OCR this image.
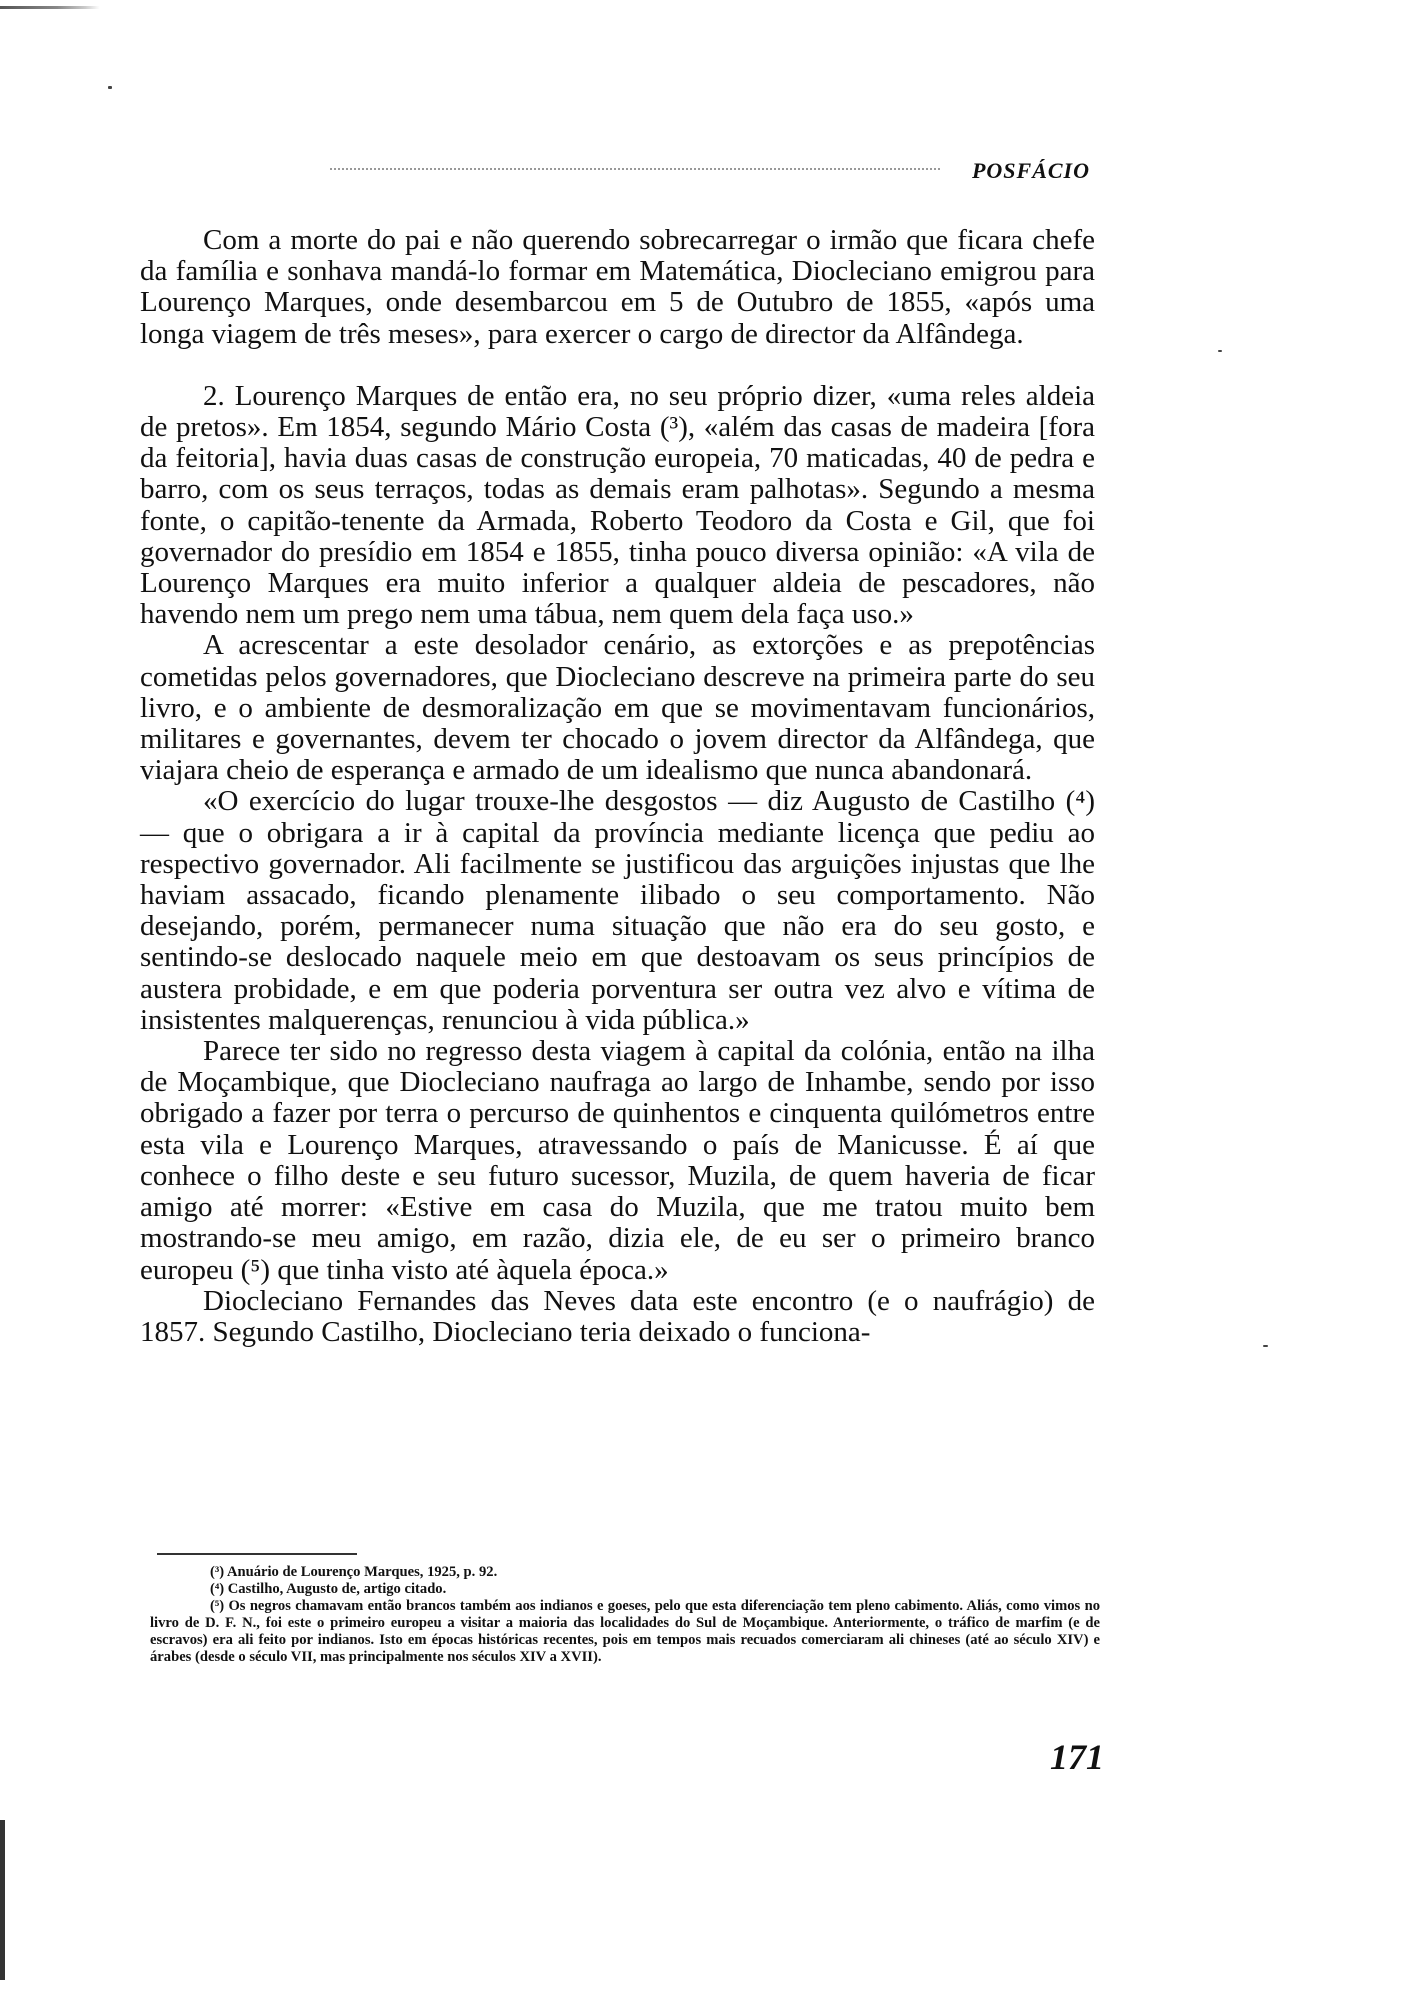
POSFÁCIO

Com a morte do pai e não querendo sobrecarregar o irmão que ficara chefe da família e sonhava mandá-lo formar em Matemática, Diocleciano emigrou para Lourenço Marques, onde desembarcou em 5 de Outubro de 1855, «após uma longa viagem de três meses», para exercer o cargo de director da Alfândega.

2. Lourenço Marques de então era, no seu próprio dizer, «uma reles aldeia de pretos». Em 1854, segundo Mário Costa (³), «além das casas de madeira [fora da feitoria], havia duas casas de construção europeia, 70 maticadas, 40 de pedra e barro, com os seus terraços, todas as demais eram palhotas». Segundo a mesma fonte, o capitão-tenente da Armada, Roberto Teodoro da Costa e Gil, que foi governador do presídio em 1854 e 1855, tinha pouco diversa opinião: «A vila de Lourenço Marques era muito inferior a qualquer aldeia de pescadores, não havendo nem um prego nem uma tábua, nem quem dela faça uso.»

A acrescentar a este desolador cenário, as extorções e as prepotências cometidas pelos governadores, que Diocleciano descreve na primeira parte do seu livro, e o ambiente de desmoralização em que se movimentavam funcionários, militares e governantes, devem ter chocado o jovem director da Alfândega, que viajara cheio de esperança e armado de um idealismo que nunca abandonará.

«O exercício do lugar trouxe-lhe desgostos — diz Augusto de Castilho (⁴) — que o obrigara a ir à capital da província mediante licença que pediu ao respectivo governador. Ali facilmente se justificou das arguições injustas que lhe haviam assacado, ficando plenamente ilibado o seu comportamento. Não desejando, porém, permanecer numa situação que não era do seu gosto, e sentindo-se deslocado naquele meio em que destoavam os seus princípios de austera probidade, e em que poderia porventura ser outra vez alvo e vítima de insistentes malquerenças, renunciou à vida pública.»

Parece ter sido no regresso desta viagem à capital da colónia, então na ilha de Moçambique, que Diocleciano naufraga ao largo de Inhambe, sendo por isso obrigado a fazer por terra o percurso de quinhentos e cinquenta quilómetros entre esta vila e Lourenço Marques, atravessando o país de Manicusse. É aí que conhece o filho deste e seu futuro sucessor, Muzila, de quem haveria de ficar amigo até morrer: «Estive em casa do Muzila, que me tratou muito bem mostrando-se meu amigo, em razão, dizia ele, de eu ser o primeiro branco europeu (⁵) que tinha visto até àquela época.»

Diocleciano Fernandes das Neves data este encontro (e o naufrágio) de 1857. Segundo Castilho, Diocleciano teria deixado o funciona-

(³) Anuário de Lourenço Marques, 1925, p. 92.

(⁴) Castilho, Augusto de, artigo citado.

(⁵) Os negros chamavam então brancos também aos indianos e goeses, pelo que esta diferenciação tem pleno cabimento. Aliás, como vimos no livro de D. F. N., foi este o primeiro europeu a visitar a maioria das localidades do Sul de Moçambique. Anteriormente, o tráfico de marfim (e de escravos) era ali feito por indianos. Isto em épocas históricas recentes, pois em tempos mais recuados comerciaram ali chineses (até ao século XIV) e árabes (desde o século VII, mas principalmente nos séculos XIV a XVII).

171
